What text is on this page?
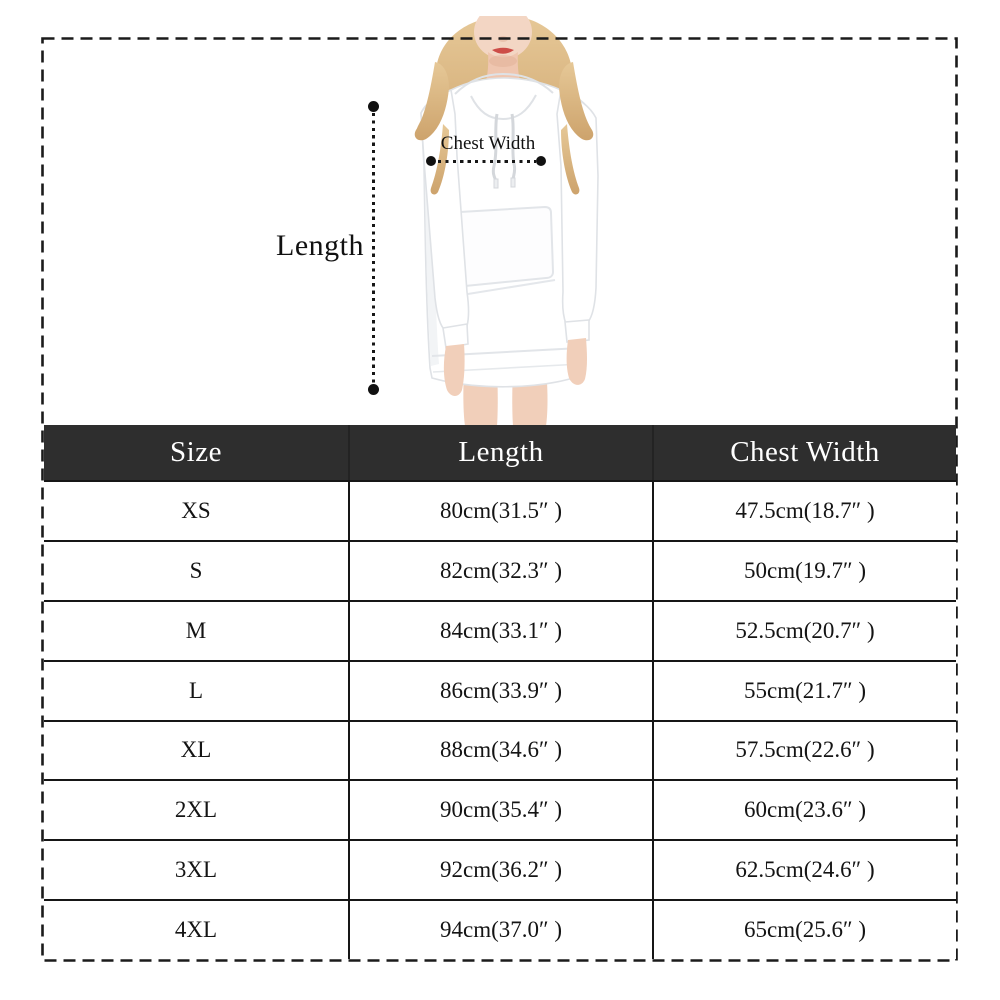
Length
Chest Width
Size	Length	Chest Width
XS	80cm(31.5″ )	47.5cm(18.7″ )
S	82cm(32.3″ )	50cm(19.7″ )
M	84cm(33.1″ )	52.5cm(20.7″ )
L	86cm(33.9″ )	55cm(21.7″ )
XL	88cm(34.6″ )	57.5cm(22.6″ )
2XL	90cm(35.4″ )	60cm(23.6″ )
3XL	92cm(36.2″ )	62.5cm(24.6″ )
4XL	94cm(37.0″ )	65cm(25.6″ )
